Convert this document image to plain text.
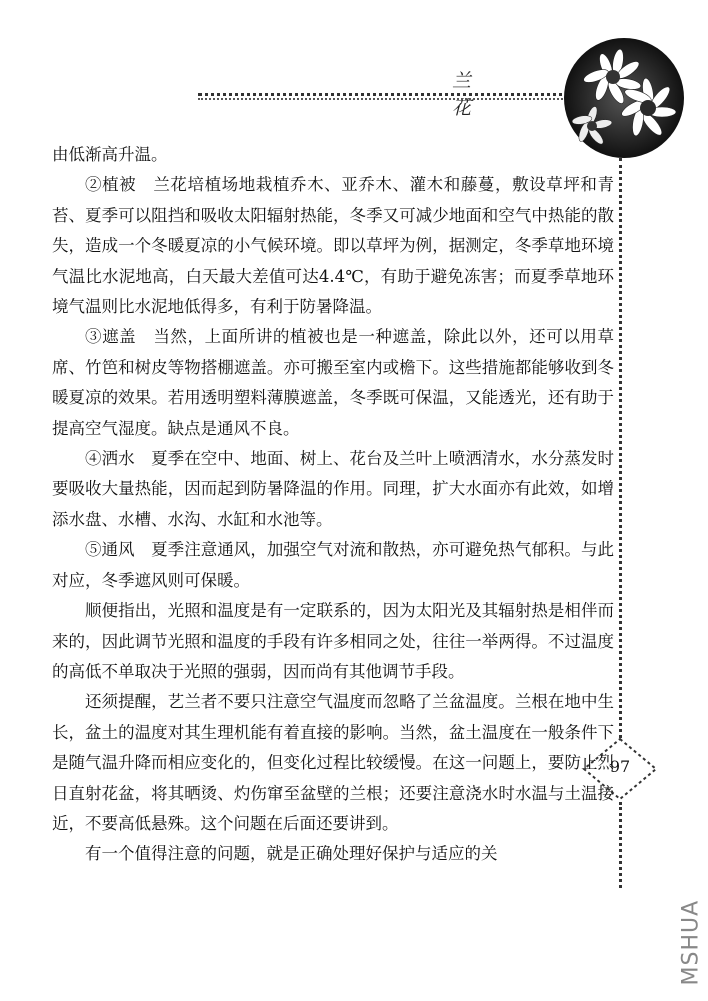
兰 花
97

由低渐高升温。

②植被　兰花培植场地栽植乔木、亚乔木、灌木和藤蔓，敷设草坪和青苔、夏季可以阻挡和吸收太阳辐射热能，冬季又可减少地面和空气中热能的散失，造成一个冬暖夏凉的小气候环境。即以草坪为例，据测定，冬季草地环境气温比水泥地高，白天最大差值可达4.4℃，有助于避免冻害；而夏季草地环境气温则比水泥地低得多，有利于防暑降温。

③遮盖　当然，上面所讲的植被也是一种遮盖，除此以外，还可以用草席、竹笆和树皮等物搭棚遮盖。亦可搬至室内或檐下。这些措施都能够收到冬暖夏凉的效果。若用透明塑料薄膜遮盖，冬季既可保温，又能透光，还有助于提高空气湿度。缺点是通风不良。

④洒水　夏季在空中、地面、树上、花台及兰叶上喷洒清水，水分蒸发时要吸收大量热能，因而起到防暑降温的作用。同理，扩大水面亦有此效，如增添水盘、水槽、水沟、水缸和水池等。

⑤通风　夏季注意通风，加强空气对流和散热，亦可避免热气郁积。与此对应，冬季遮风则可保暖。

顺便指出，光照和温度是有一定联系的，因为太阳光及其辐射热是相伴而来的，因此调节光照和温度的手段有许多相同之处，往往一举两得。不过温度的高低不单取决于光照的强弱，因而尚有其他调节手段。

还须提醒，艺兰者不要只注意空气温度而忽略了兰盆温度。兰根在地中生长，盆土的温度对其生理机能有着直接的影响。当然，盆土温度在一般条件下是随气温升降而相应变化的，但变化过程比较缓慢。在这一问题上，要防止烈日直射花盆，将其晒烫、灼伤窜至盆壁的兰根；还要注意浇水时水温与土温接近，不要高低悬殊。这个问题在后面还要讲到。

有一个值得注意的问题，就是正确处理好保护与适应的关

MSHUA
